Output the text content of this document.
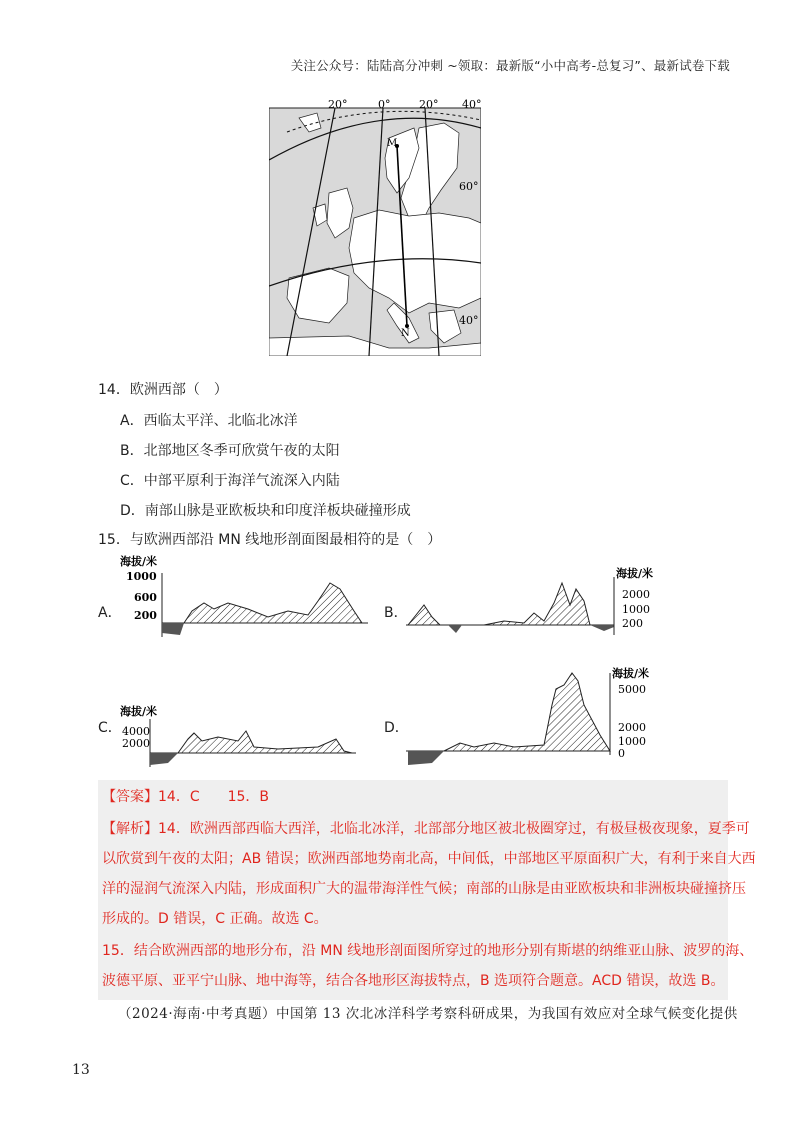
关注公众号：陆陆高分冲刺 ~领取：最新版“小中高考-总复习”、最新试卷下载
20°	0°	20° 40°
60°
40°
M
N
14．欧洲西部（　）
A．西临太平洋、北临北冰洋
B．北部地区冬季可欣赏午夜的太阳
C．中部平原利于海洋气流深入内陆
D．南部山脉是亚欧板块和印度洋板块碰撞形成
15．与欧洲西部沿 MN 线地形剖面图最相符的是（　）
A．
海拔/米
1000
600
200	B．
海拔/米
2000
1000
200
C．
海拔/米
4000
2000
D．
海拔/米
5000
2000
1000
0
【答案】14．C　　15．B
【解析】14．欧洲西部西临大西洋，北临北冰洋，北部部分地区被北极圈穿过，有极昼极夜现象，夏季可
以欣赏到午夜的太阳；AB 错误；欧洲西部地势南北高，中间低，中部地区平原面积广大，有利于来自大西
洋的湿润气流深入内陆，形成面积广大的温带海洋性气候；南部的山脉是由亚欧板块和非洲板块碰撞挤压
形成的。D 错误，C 正确。故选 C。
15．结合欧洲西部的地形分布，沿 MN 线地形剖面图所穿过的地形分别有斯堪的纳维亚山脉、波罗的海、
波德平原、亚平宁山脉、地中海等，结合各地形区海拔特点，B 选项符合题意。ACD 错误，故选 B。
（2024·海南·中考真题）中国第 13 次北冰洋科学考察科研成果，为我国有效应对全球气候变化提供
13
